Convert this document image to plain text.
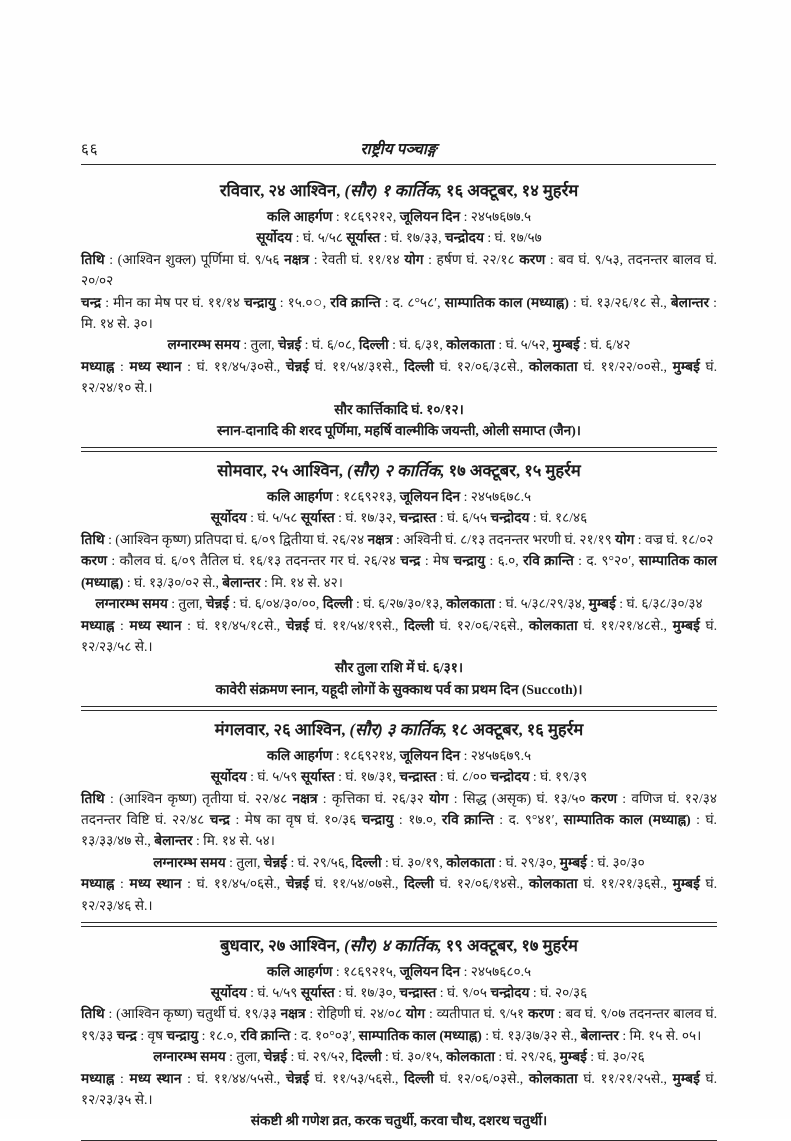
६६	राष्ट्रीय पञ्चाङ्ग
रविवार, २४ आश्विन, (सौर) १ कार्तिक, १६ अक्टूबर, १४ मुहर्रम

कलि आहर्गण : १८६९२१२, जूलियन दिन : २४५७६७७.५

सूर्योदय : घं. ५/५८ सूर्यास्त : घं. १७/३३, चन्द्रोदय : घं. १७/५७

तिथि : (आश्विन शुक्ल) पूर्णिमा घं. ९/५६ नक्षत्र : रेवती घं. ११/१४ योग : हर्षण घं. २२/१८ करण : बव घं. ९/५३, तदनन्तर बालव घं. २०/०२

चन्द्र : मीन का मेष पर घं. ११/१४ चन्द्रायु : १५.०○, रवि क्रान्ति : द. ८°५८′, साम्पातिक काल (मध्याह्न) : घं. १३/२६/१८ से., बेलान्तर : मि. १४ से. ३०।

लग्नारम्भ समय : तुला, चेन्नई : घं. ६/०८, दिल्ली : घं. ६/३१, कोलकाता : घं. ५/५२, मुम्बई : घं. ६/४२

मध्याह्न : मध्य स्थान : घं. ११/४५/३०से., चेन्नई घं. ११/५४/३१से., दिल्ली घं. १२/०६/३८से., कोलकाता घं. ११/२२/००से., मुम्बई घं. १२/२४/१० से.।

सौर कार्त्तिकादि घं. १०/१२।

स्नान-दानादि की शरद पूर्णिमा, महर्षि वाल्मीकि जयन्ती, ओली समाप्त (जैन)।

सोमवार, २५ आश्विन, (सौर) २ कार्तिक, १७ अक्टूबर, १५ मुहर्रम

कलि आहर्गण : १८६९२१३, जूलियन दिन : २४५७६७८.५

सूर्योदय : घं. ५/५८ सूर्यास्त : घं. १७/३२, चन्द्रास्त : घं. ६/५५ चन्द्रोदय : घं. १८/४६

तिथि : (आश्विन कृष्ण) प्रतिपदा घं. ६/०९ द्वितीया घं. २६/२४ नक्षत्र : अश्विनी घं. ८/१३ तदनन्तर भरणी घं. २१/१९ योग : वज्र घं. १८/०२

करण : कौलव घं. ६/०९ तैतिल घं. १६/१३ तदनन्तर गर घं. २६/२४ चन्द्र : मेष चन्द्रायु : ६.०, रवि क्रान्ति : द. ९°२०′, साम्पातिक काल (मध्याह्न) : घं. १३/३०/०२ से., बेलान्तर : मि. १४ से. ४२।

लग्नारम्भ समय : तुला, चेन्नई : घं. ६/०४/३०/००, दिल्ली : घं. ६/२७/३०/१३, कोलकाता : घं. ५/३८/२९/३४, मुम्बई : घं. ६/३८/३०/३४

मध्याह्न : मध्य स्थान : घं. ११/४५/१८से., चेन्नई घं. ११/५४/१९से., दिल्ली घं. १२/०६/२६से., कोलकाता घं. ११/२१/४८से., मुम्बई घं. १२/२३/५८ से.।

सौर तुला राशि में घं. ६/३१।

कावेरी संक्रमण स्नान, यहूदी लोगों के सुक्काथ पर्व का प्रथम दिन (Succoth)।

मंगलवार, २६ आश्विन, (सौर) ३ कार्तिक, १८ अक्टूबर, १६ मुहर्रम

कलि आहर्गण : १८६९२१४, जूलियन दिन : २४५७६७९.५

सूर्योदय : घं. ५/५९ सूर्यास्त : घं. १७/३१, चन्द्रास्त : घं. ८/०० चन्द्रोदय : घं. १९/३९

तिथि : (आश्विन कृष्ण) तृतीया घं. २२/४८ नक्षत्र : कृत्तिका घं. २६/३२ योग : सिद्ध (असृक) घं. १३/५० करण : वणिज घं. १२/३४ तदनन्तर विष्टि घं. २२/४८ चन्द्र : मेष का वृष घं. १०/३६ चन्द्रायु : १७.०, रवि क्रान्ति : द. ९°४१′, साम्पातिक काल (मध्याह्न) : घं. १३/३३/४७ से., बेलान्तर : मि. १४ से. ५४।

लग्नारम्भ समय : तुला, चेन्नई : घं. २९/५६, दिल्ली : घं. ३०/१९, कोलकाता : घं. २९/३०, मुम्बई : घं. ३०/३०

मध्याह्न : मध्य स्थान : घं. ११/४५/०६से., चेन्नई घं. ११/५४/०७से., दिल्ली घं. १२/०६/१४से., कोलकाता घं. ११/२१/३६से., मुम्बई घं. १२/२३/४६ से.।

बुधवार, २७ आश्विन, (सौर) ४ कार्तिक, १९ अक्टूबर, १७ मुहर्रम

कलि आहर्गण : १८६९२१५, जूलियन दिन : २४५७६८०.५

सूर्योदय : घं. ५/५९ सूर्यास्त : घं. १७/३०, चन्द्रास्त : घं. ९/०५ चन्द्रोदय : घं. २०/३६

तिथि : (आश्विन कृष्ण) चतुर्थी घं. १९/३३ नक्षत्र : रोहिणी घं. २४/०८ योग : व्यतीपात घं. ९/५१ करण : बव घं. ९/०७ तदनन्तर बालव घं. १९/३३ चन्द्र : वृष चन्द्रायु : १८.०, रवि क्रान्ति : द. १०°०३′, साम्पातिक काल (मध्याह्न) : घं. १३/३७/३२ से., बेलान्तर : मि. १५ से. ०५।

लग्नारम्भ समय : तुला, चेन्नई : घं. २९/५२, दिल्ली : घं. ३०/१५, कोलकाता : घं. २९/२६, मुम्बई : घं. ३०/२६

मध्याह्न : मध्य स्थान : घं. ११/४४/५५से., चेन्नई घं. ११/५३/५६से., दिल्ली घं. १२/०६/०३से., कोलकाता घं. ११/२१/२५से., मुम्बई घं. १२/२३/३५ से.।

संकष्टी श्री गणेश व्रत, करक चतुर्थी, करवा चौथ, दशरथ चतुर्थी।
